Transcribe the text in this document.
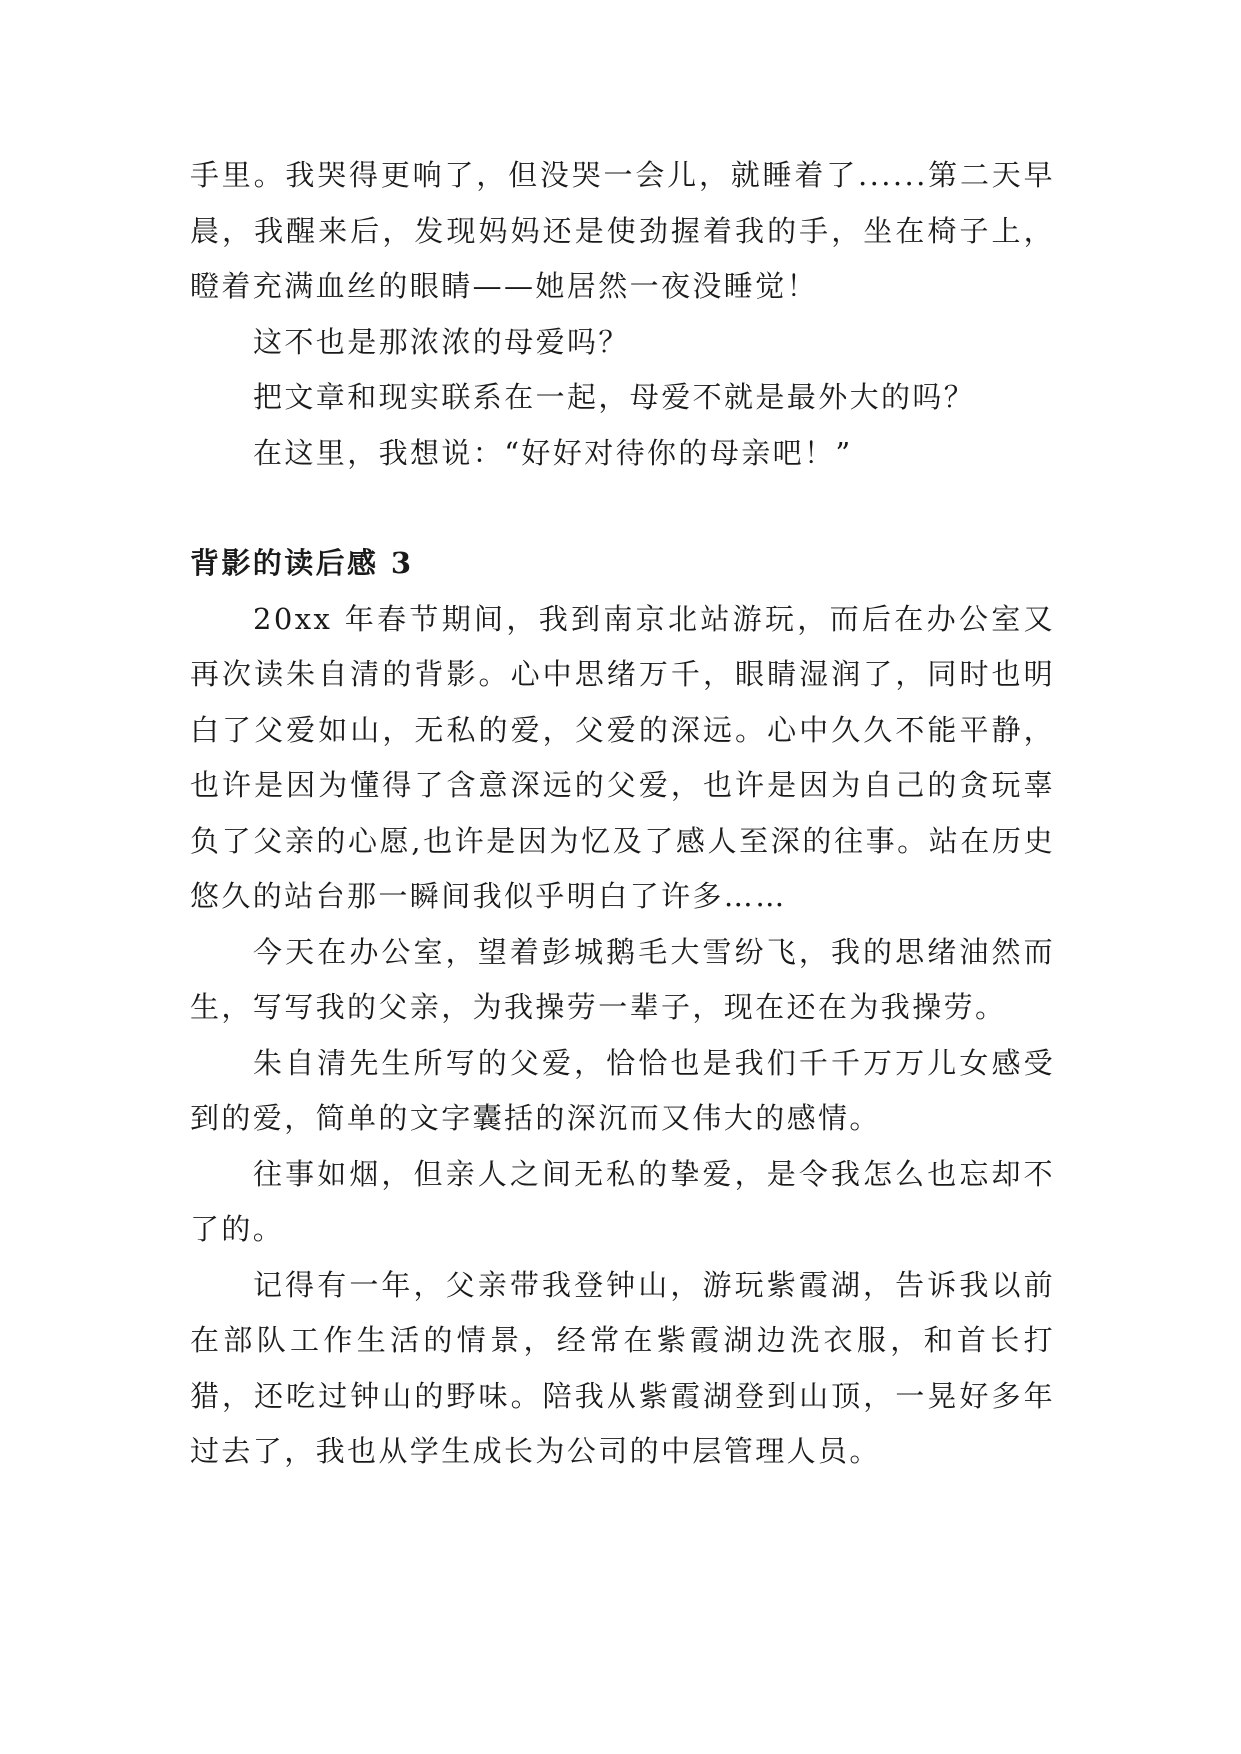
手里。我哭得更响了，但没哭一会儿，就睡着了......第二天早晨，我醒来后，发现妈妈还是使劲握着我的手，坐在椅子上，瞪着充满血丝的眼睛——她居然一夜没睡觉！

这不也是那浓浓的母爱吗？

把文章和现实联系在一起，母爱不就是最外大的吗？

在这里，我想说：“好好对待你的母亲吧！”

背影的读后感 3

20xx 年春节期间，我到南京北站游玩，而后在办公室又再次读朱自清的背影。心中思绪万千，眼睛湿润了，同时也明白了父爱如山，无私的爱，父爱的深远。心中久久不能平静，也许是因为懂得了含意深远的父爱，也许是因为自己的贪玩辜负了父亲的心愿,也许是因为忆及了感人至深的往事。站在历史悠久的站台那一瞬间我似乎明白了许多……

今天在办公室，望着彭城鹅毛大雪纷飞，我的思绪油然而生，写写我的父亲，为我操劳一辈子，现在还在为我操劳。

朱自清先生所写的父爱，恰恰也是我们千千万万儿女感受到的爱，简单的文字囊括的深沉而又伟大的感情。

往事如烟，但亲人之间无私的挚爱，是令我怎么也忘却不了的。

记得有一年，父亲带我登钟山，游玩紫霞湖，告诉我以前在部队工作生活的情景，经常在紫霞湖边洗衣服，和首长打猎，还吃过钟山的野味。陪我从紫霞湖登到山顶，一晃好多年过去了，我也从学生成长为公司的中层管理人员。
